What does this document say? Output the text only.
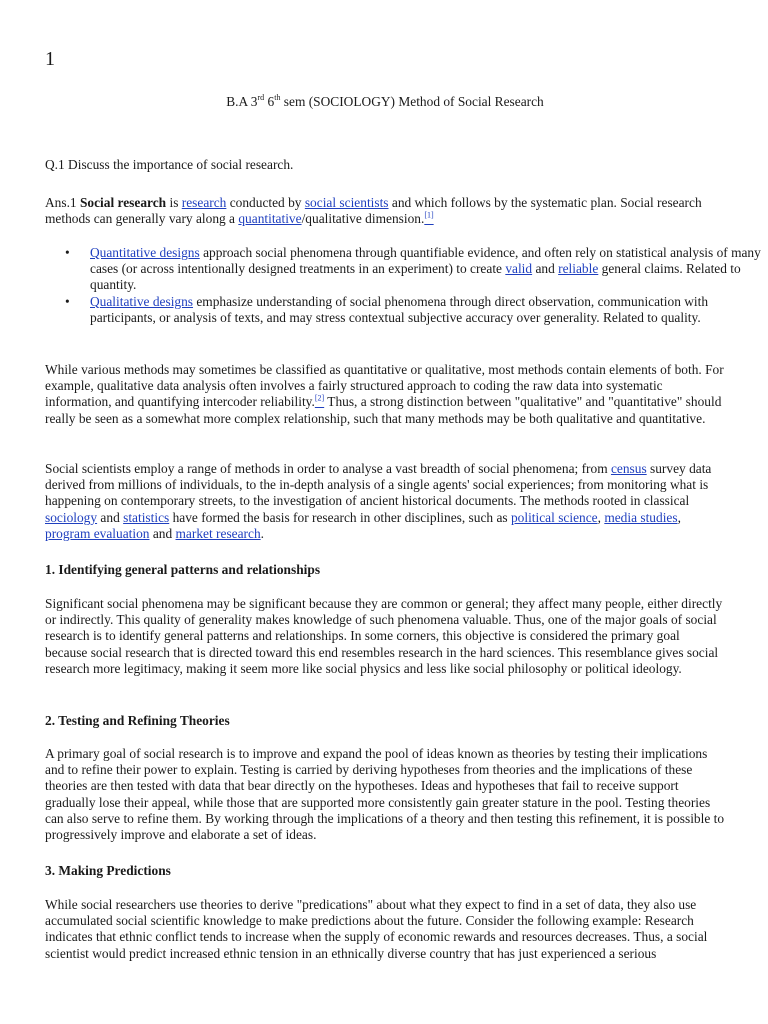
1
B.A 3rd 6th sem (SOCIOLOGY) Method of Social Research

Q.1 Discuss the importance of social research.

Ans.1 Social research is research conducted by social scientists and which follows by the systematic plan. Social research methods can generally vary along a quantitative/qualitative dimension.[1]

• Quantitative designs approach social phenomena through quantifiable evidence, and often rely on statistical analysis of many cases (or across intentionally designed treatments in an experiment) to create valid and reliable general claims. Related to quantity.
• Qualitative designs emphasize understanding of social phenomena through direct observation, communication with participants, or analysis of texts, and may stress contextual subjective accuracy over generality. Related to quality.

While various methods may sometimes be classified as quantitative or qualitative, most methods contain elements of both. For example, qualitative data analysis often involves a fairly structured approach to coding the raw data into systematic information, and quantifying intercoder reliability.[2] Thus, a strong distinction between "qualitative" and "quantitative" should really be seen as a somewhat more complex relationship, such that many methods may be both qualitative and quantitative.

Social scientists employ a range of methods in order to analyse a vast breadth of social phenomena; from census survey data derived from millions of individuals, to the in-depth analysis of a single agents' social experiences; from monitoring what is happening on contemporary streets, to the investigation of ancient historical documents. The methods rooted in classical sociology and statistics have formed the basis for research in other disciplines, such as political science, media studies, program evaluation and market research.

1. Identifying general patterns and relationships

Significant social phenomena may be significant because they are common or general; they affect many people, either directly or indirectly. This quality of generality makes knowledge of such phenomena valuable. Thus, one of the major goals of social research is to identify general patterns and relationships. In some corners, this objective is considered the primary goal because social research that is directed toward this end resembles research in the hard sciences. This resemblance gives social research more legitimacy, making it seem more like social physics and less like social philosophy or political ideology.

2. Testing and Refining Theories

A primary goal of social research is to improve and expand the pool of ideas known as theories by testing their implications and to refine their power to explain. Testing is carried by deriving hypotheses from theories and the implications of these theories are then tested with data that bear directly on the hypotheses. Ideas and hypotheses that fail to receive support gradually lose their appeal, while those that are supported more consistently gain greater stature in the pool. Testing theories can also serve to refine them. By working through the implications of a theory and then testing this refinement, it is possible to progressively improve and elaborate a set of ideas.

3. Making Predictions

While social researchers use theories to derive "predications" about what they expect to find in a set of data, they also use accumulated social scientific knowledge to make predictions about the future. Consider the following example: Research indicates that ethnic conflict tends to increase when the supply of economic rewards and resources decreases. Thus, a social scientist would predict increased ethnic tension in an ethnically diverse country that has just experienced a serious
